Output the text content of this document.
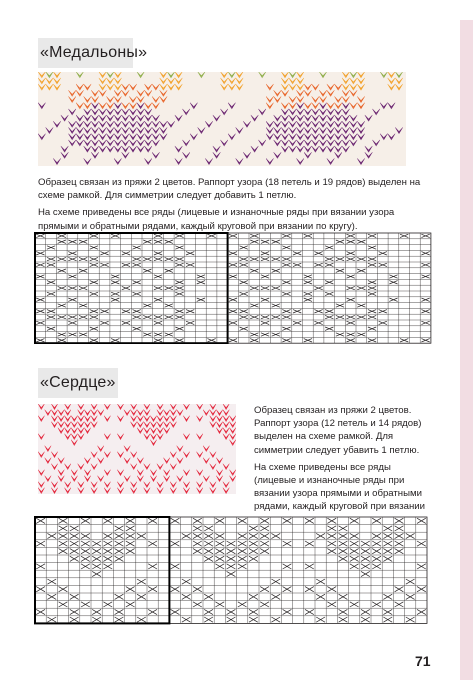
«Медальоны»

Образец связан из пряжи 2 цветов. Раппорт узора (18 петель и 19 рядов) выделен на схеме рамкой. Для симметрии следует добавить 1 петлю.

На схеме приведены все ряды (лицевые и изнаночные ряды при вязании узора прямыми и обратными рядами, каждый круговой при вязании по кругу).

«Сердце»

Образец связан из пряжи 2 цветов. Раппорт узора (12 петель и 14 рядов) выделен на схеме рамкой. Для симметрии следует убавить 1 петлю.

На схеме приведены все ряды (лицевые и изнаночные ряды при вязании узора прямыми и обратными рядами, каждый круговой при вязании

71
